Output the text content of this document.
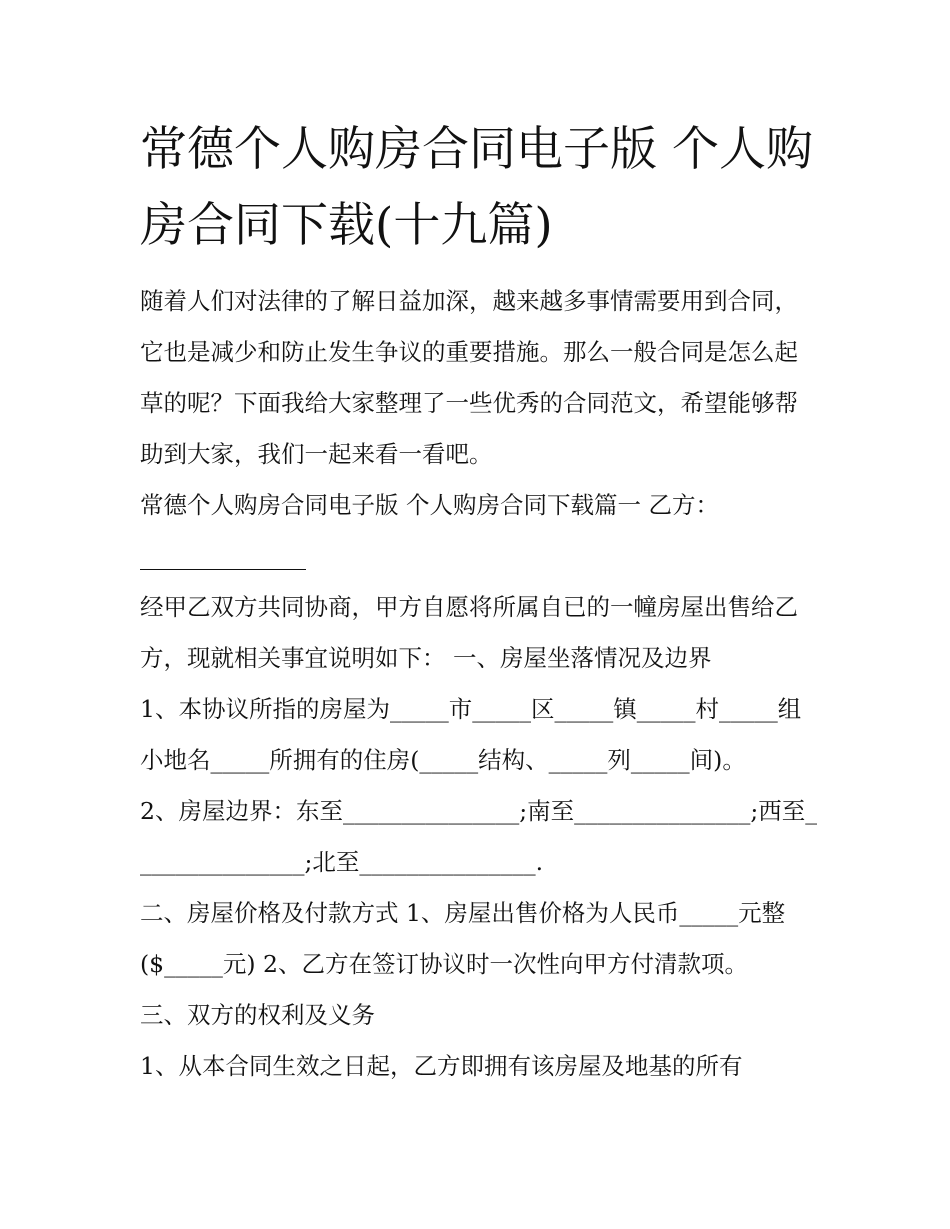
常德个人购房合同电子版 个人购房合同下载(十九篇)

随着人们对法律的了解日益加深，越来越多事情需要用到合同，它也是减少和防止发生争议的重要措施。那么一般合同是怎么起草的呢？下面我给大家整理了一些优秀的合同范文，希望能够帮助到大家，我们一起来看一看吧。

常德个人购房合同电子版 个人购房合同下载篇一 乙方：

经甲乙双方共同协商，甲方自愿将所属自已的一幢房屋出售给乙方，现就相关事宜说明如下： 一、房屋坐落情况及边界

1、本协议所指的房屋为_____市_____区_____镇_____村_____组小地名_____所拥有的住房(_____结构、_____列_____间)。

2、房屋边界：东至_______________;南至_______________;西至_______________;北至_______________.

二、房屋价格及付款方式 1、房屋出售价格为人民币_____元整($_____元) 2、乙方在签订协议时一次性向甲方付清款项。

三、双方的权利及义务

1、从本合同生效之日起，乙方即拥有该房屋及地基的所有
